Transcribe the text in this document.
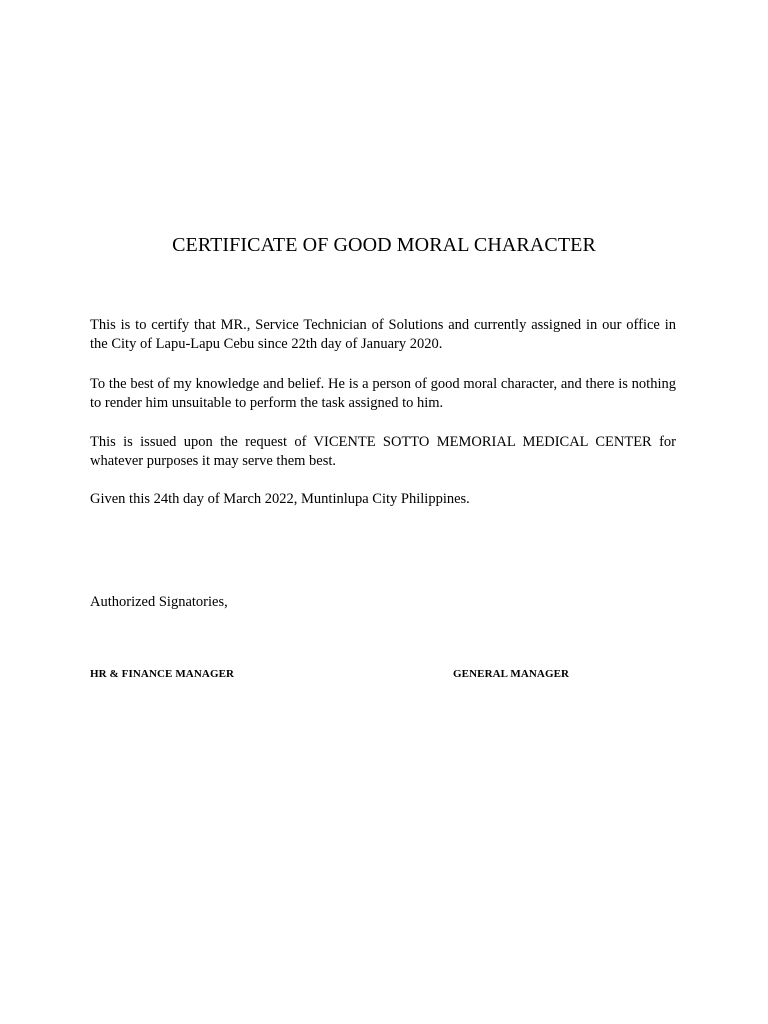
CERTIFICATE OF GOOD MORAL CHARACTER
This is to certify that MR., Service Technician of Solutions and currently assigned in our office in the City of Lapu-Lapu Cebu since 22th day of January 2020.
To the best of my knowledge and belief. He is a person of good moral character, and there is nothing to render him unsuitable to perform the task assigned to him.
This is issued upon the request of VICENTE SOTTO MEMORIAL MEDICAL CENTER for whatever purposes it may serve them best.
Given this 24th day of March 2022, Muntinlupa City Philippines.
Authorized Signatories,
HR & FINANCE MANAGER	GENERAL MANAGER
